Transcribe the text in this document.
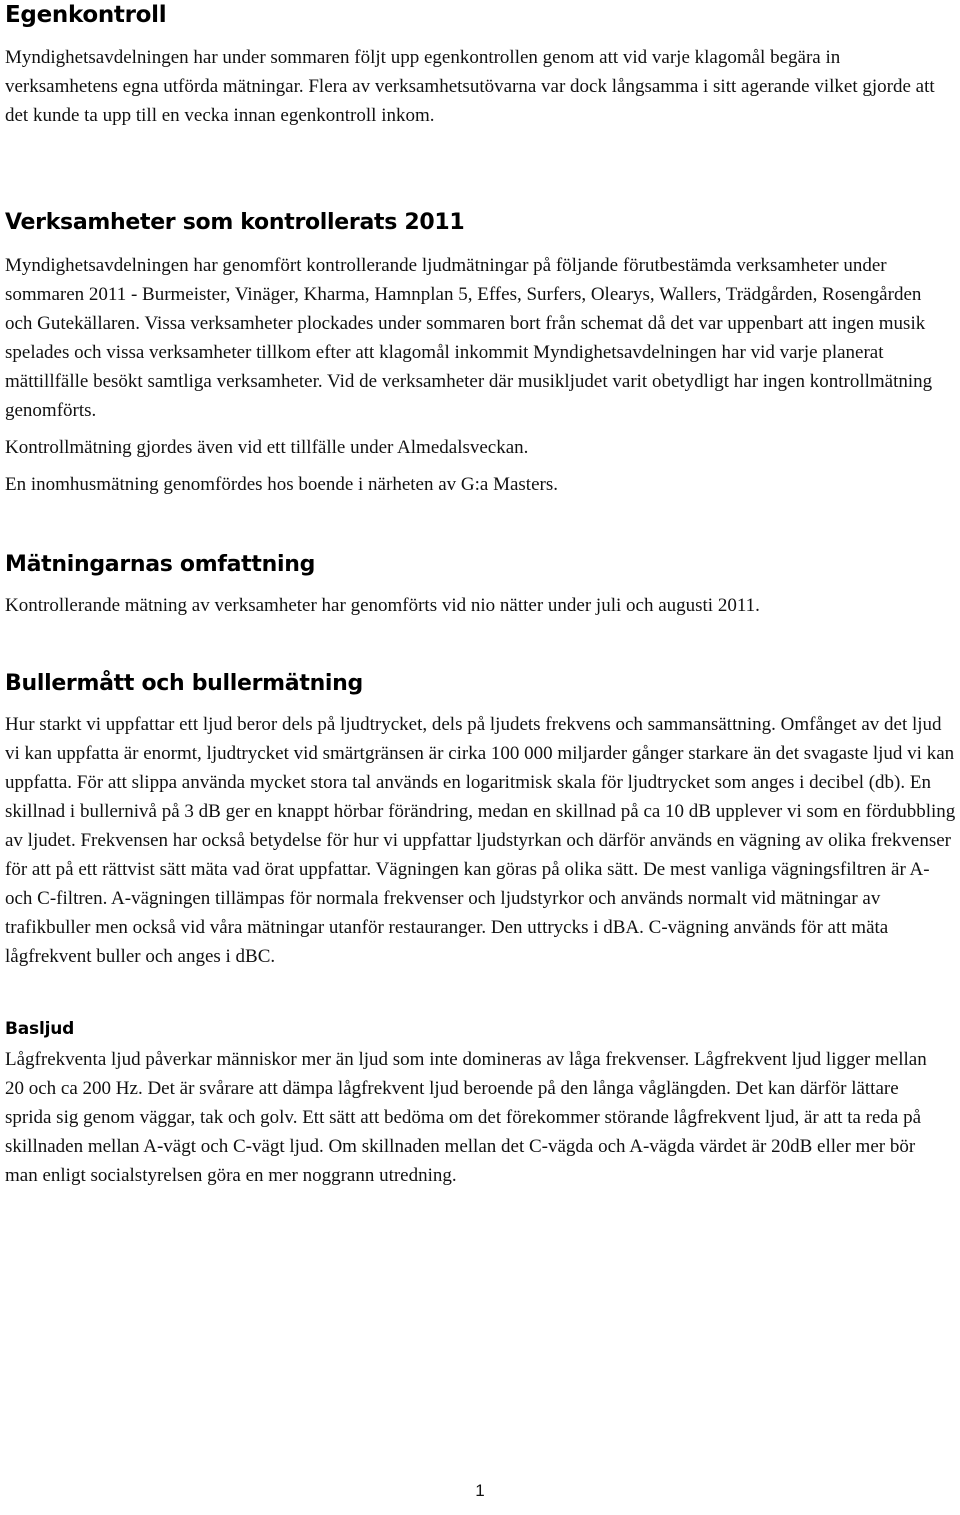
Egenkontroll

Myndighetsavdelningen har under sommaren följt upp egenkontrollen genom att vid varje klagomål begära in verksamhetens egna utförda mätningar. Flera av verksamhetsutövarna var dock långsamma i sitt agerande vilket gjorde att det kunde ta upp till en vecka innan egenkontroll inkom.

Verksamheter som kontrollerats 2011

Myndighetsavdelningen har genomfört kontrollerande ljudmätningar på följande förutbestämda verksamheter under sommaren 2011 - Burmeister, Vinäger, Kharma, Hamnplan 5, Effes, Surfers, Olearys, Wallers, Trädgården, Rosengården och Gutekällaren. Vissa verksamheter plockades under sommaren bort från schemat då det var uppenbart att ingen musik spelades och vissa verksamheter tillkom efter att klagomål inkommit Myndighetsavdelningen har vid varje planerat mättillfälle besökt samtliga verksamheter. Vid de verksamheter där musikljudet varit obetydligt har ingen kontrollmätning genomförts.

Kontrollmätning gjordes även vid ett tillfälle under Almedalsveckan.

En inomhusmätning genomfördes hos boende i närheten av G:a Masters.

Mätningarnas omfattning

Kontrollerande mätning av verksamheter har genomförts vid nio nätter under juli och augusti 2011.

Bullermått och bullermätning

Hur starkt vi uppfattar ett ljud beror dels på ljudtrycket, dels på ljudets frekvens och sammansättning. Omfånget av det ljud vi kan uppfatta är enormt, ljudtrycket vid smärtgränsen är cirka 100 000 miljarder gånger starkare än det svagaste ljud vi kan uppfatta. För att slippa använda mycket stora tal används en logaritmisk skala för ljudtrycket som anges i decibel (db). En skillnad i bullernivå på 3 dB ger en knappt hörbar förändring, medan en skillnad på ca 10 dB upplever vi som en fördubbling av ljudet. Frekvensen har också betydelse för hur vi uppfattar ljudstyrkan och därför används en vägning av olika frekvenser för att på ett rättvist sätt mäta vad örat uppfattar. Vägningen kan göras på olika sätt. De mest vanliga vägningsfiltren är A- och C-filtren. A-vägningen tillämpas för normala frekvenser och ljudstyrkor och används normalt vid mätningar av trafikbuller men också vid våra mätningar utanför restauranger. Den uttrycks i dBA. C-vägning används för att mäta lågfrekvent buller och anges i dBC.

Basljud

Lågfrekventa ljud påverkar människor mer än ljud som inte domineras av låga frekvenser. Lågfrekvent ljud ligger mellan 20 och ca 200 Hz. Det är svårare att dämpa lågfrekvent ljud beroende på den långa våglängden. Det kan därför lättare sprida sig genom väggar, tak och golv. Ett sätt att bedöma om det förekommer störande lågfrekvent ljud, är att ta reda på skillnaden mellan A-vägt och C-vägt ljud. Om skillnaden mellan det C-vägda och A-vägda värdet är 20dB eller mer bör man enligt socialstyrelsen göra en mer noggrann utredning.

1
